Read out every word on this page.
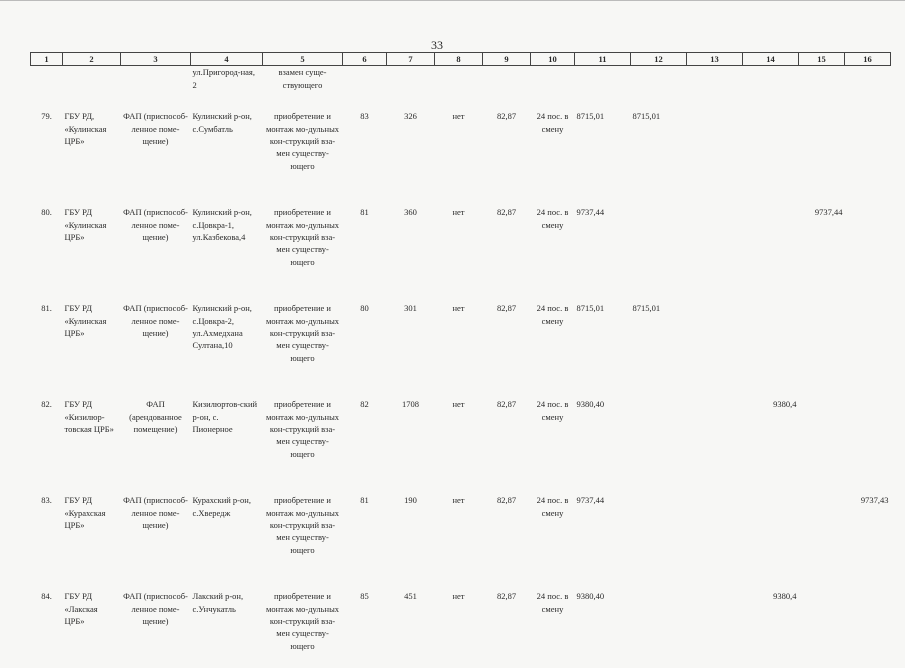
33
1	2	3	4	5	6	7	8	9	10	11	12	13	14	15	16
			ул.Пригород-ная, 2	взамен суще-ствующего											
79.	ГБУ РД, «Кулинская ЦРБ»	ФАП (приспособ-ленное поме-щение)	Кулинский р-он, с.Сумбатль	приобретение и монтаж мо-дульных кон-струкций вза-мен существу-ющего	83	326	нет	82,87	24 пос. в смену	8715,01	8715,01				
80.	ГБУ РД «Кулинская ЦРБ»	ФАП (приспособ-ленное поме-щение)	Кулинский р-он, с.Цовкра-1, ул.Казбекова,4	приобретение и монтаж мо-дульных кон-струкций вза-мен существу-ющего	81	360	нет	82,87	24 пос. в смену	9737,44				9737,44	
81.	ГБУ РД «Кулинская ЦРБ»	ФАП (приспособ-ленное поме-щение)	Кулинский р-он, с.Цовкра-2, ул.Ахмедхана Султана,10	приобретение и монтаж мо-дульных кон-струкций вза-мен существу-ющего	80	301	нет	82,87	24 пос. в смену	8715,01	8715,01				
82.	ГБУ РД «Кизилюр-товская ЦРБ»	ФАП (арендованное помещение)	Кизилюртов-ский р-он, с. Пионерное	приобретение и монтаж мо-дульных кон-струкций вза-мен существу-ющего	82	1708	нет	82,87	24 пос. в смену	9380,40			9380,4		
83.	ГБУ РД «Курахская ЦРБ»	ФАП (приспособ-ленное поме-щение)	Курахский р-он, с.Хвередж	приобретение и монтаж мо-дульных кон-струкций вза-мен существу-ющего	81	190	нет	82,87	24 пос. в смену	9737,44					9737,43
84.	ГБУ РД «Лакская ЦРБ»	ФАП (приспособ-ленное поме-щение)	Лакский р-он, с.Унчукатль	приобретение и монтаж мо-дульных кон-струкций вза-мен существу-ющего	85	451	нет	82,87	24 пос. в смену	9380,40			9380,4		
